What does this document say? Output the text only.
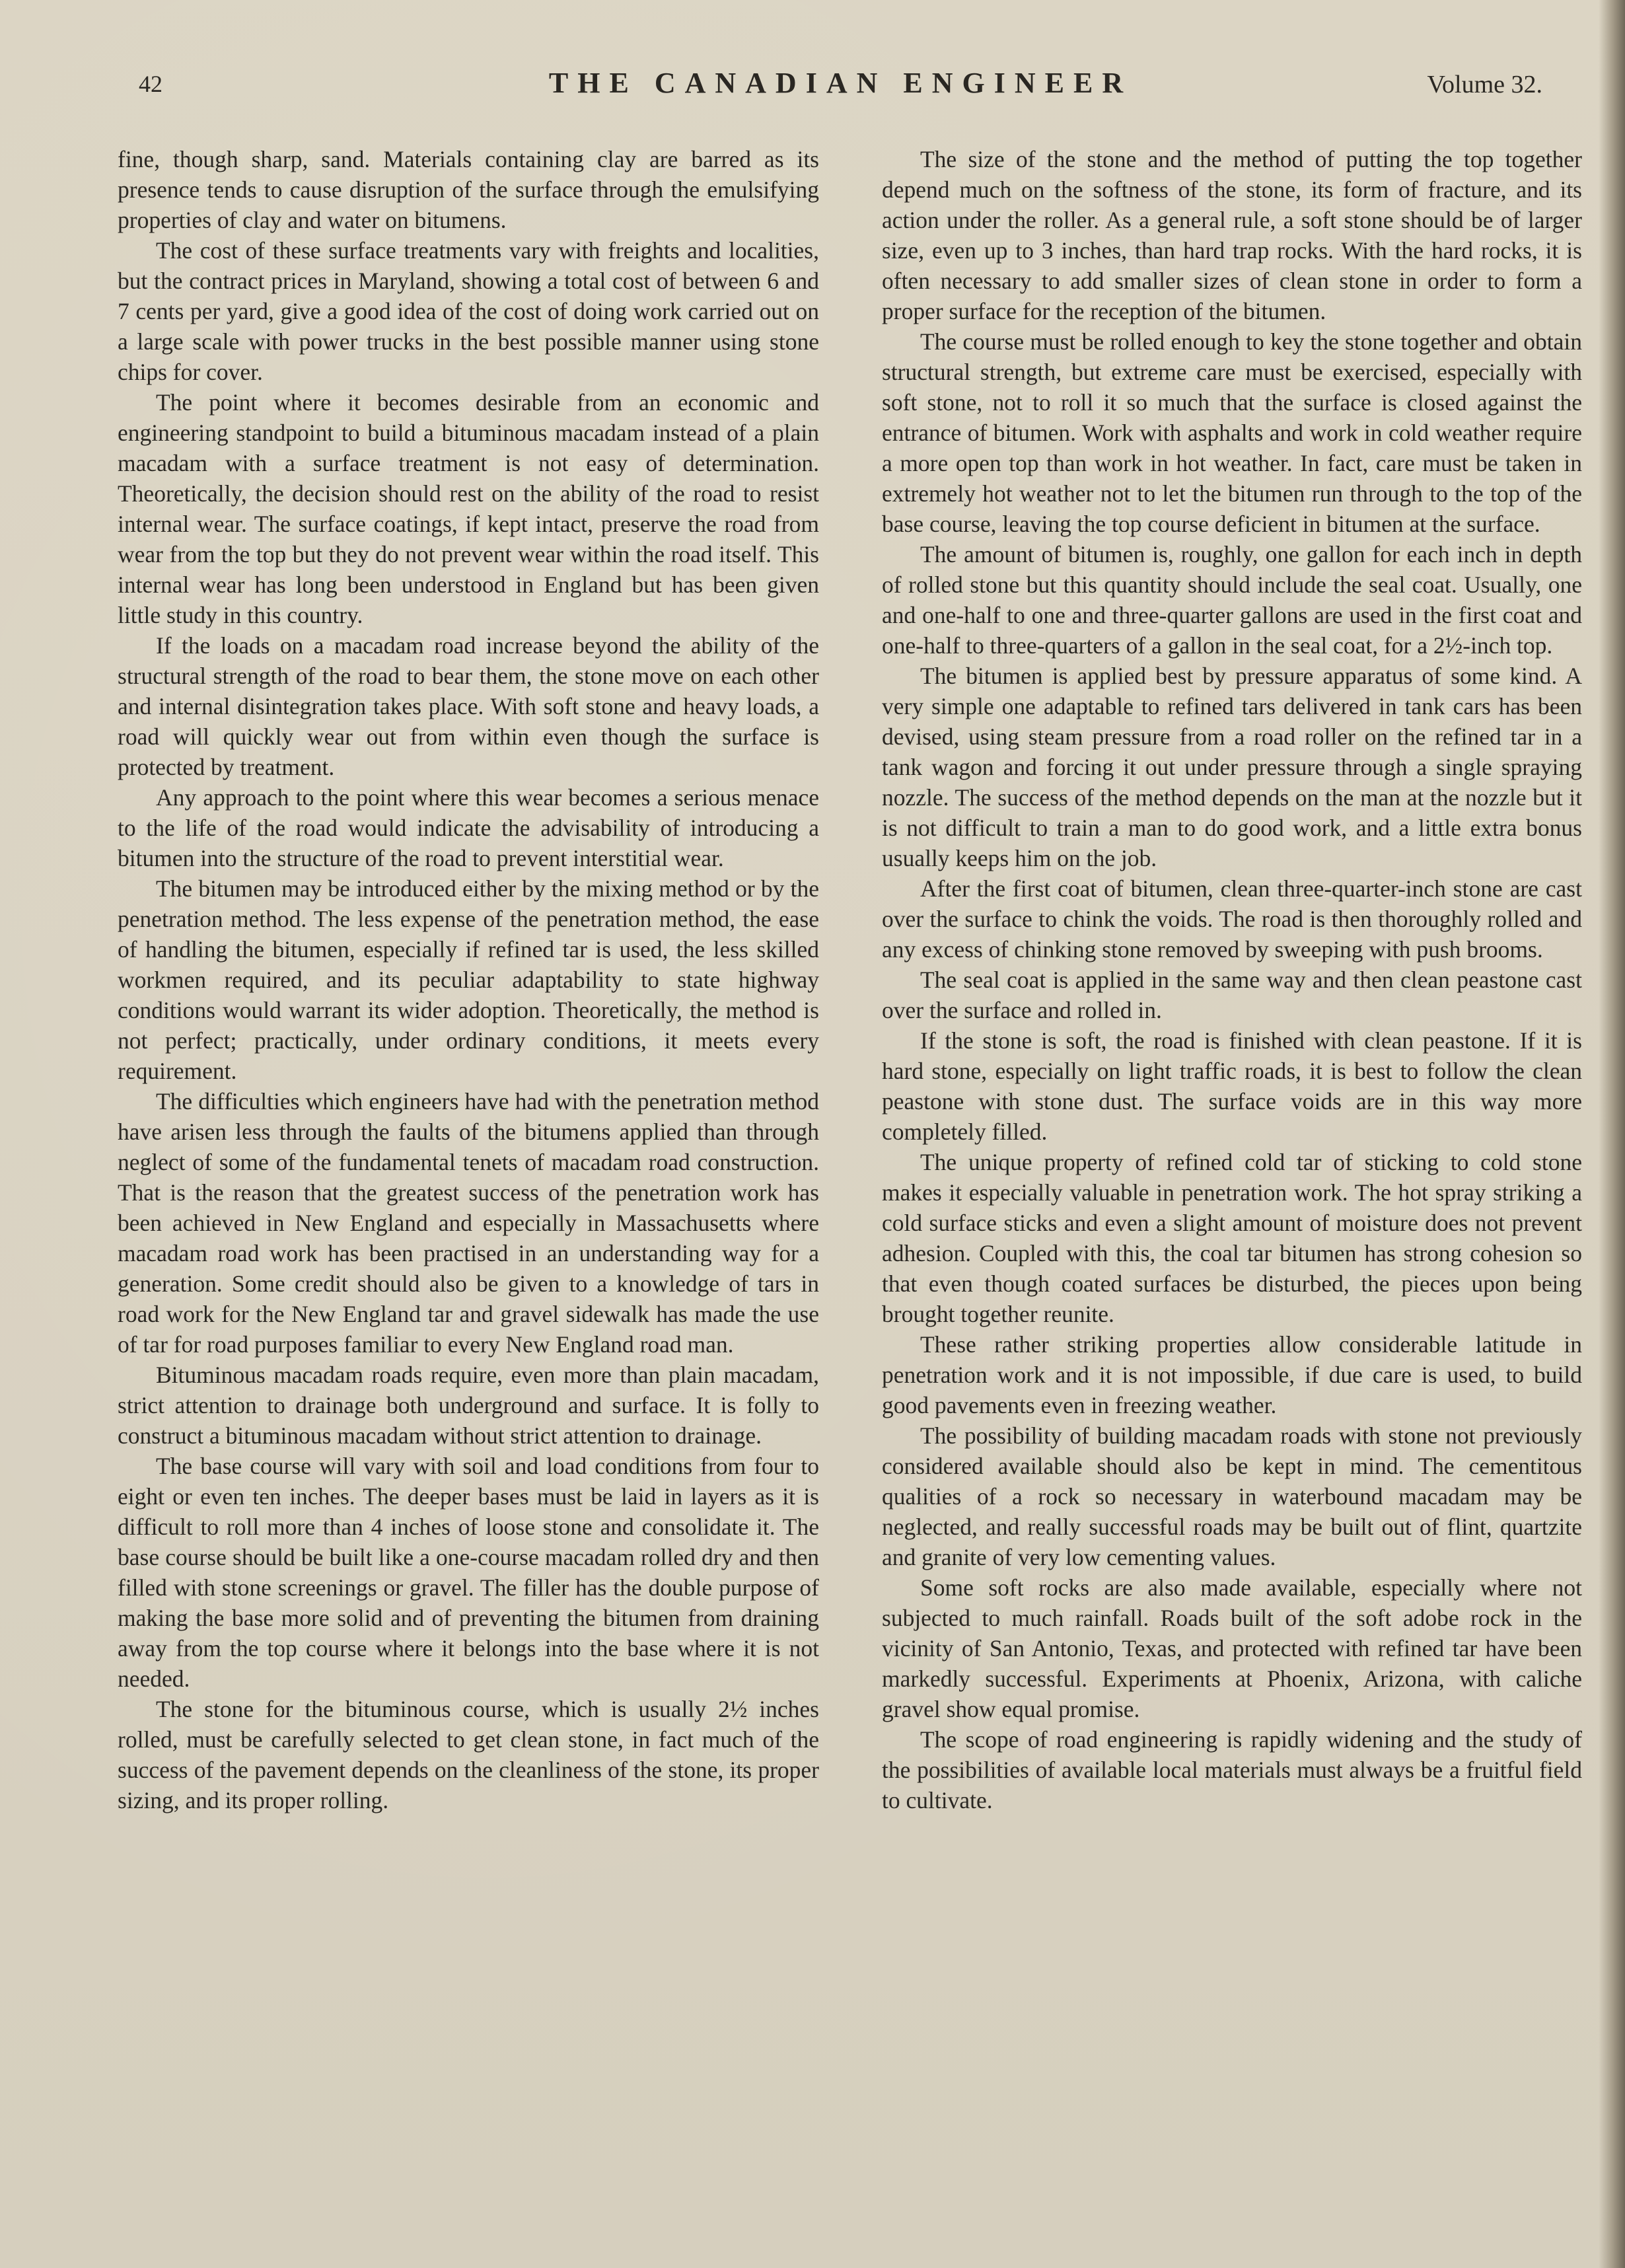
42	THE CANADIAN ENGINEER	Volume 32.

fine, though sharp, sand. Materials containing clay are barred as its presence tends to cause disruption of the surface through the emulsifying properties of clay and water on bitumens.

The cost of these surface treatments vary with freights and localities, but the contract prices in Maryland, showing a total cost of between 6 and 7 cents per yard, give a good idea of the cost of doing work carried out on a large scale with power trucks in the best possible manner using stone chips for cover.

The point where it becomes desirable from an economic and engineering standpoint to build a bituminous macadam instead of a plain macadam with a surface treatment is not easy of determination. Theoretically, the decision should rest on the ability of the road to resist internal wear. The surface coatings, if kept intact, preserve the road from wear from the top but they do not prevent wear within the road itself. This internal wear has long been understood in England but has been given little study in this country.

If the loads on a macadam road increase beyond the ability of the structural strength of the road to bear them, the stone move on each other and internal disintegration takes place. With soft stone and heavy loads, a road will quickly wear out from within even though the surface is protected by treatment.

Any approach to the point where this wear becomes a serious menace to the life of the road would indicate the advisability of introducing a bitumen into the structure of the road to prevent interstitial wear.

The bitumen may be introduced either by the mixing method or by the penetration method. The less expense of the penetration method, the ease of handling the bitumen, especially if refined tar is used, the less skilled workmen required, and its peculiar adaptability to state highway conditions would warrant its wider adoption. Theoretically, the method is not perfect; practically, under ordinary conditions, it meets every requirement.

The difficulties which engineers have had with the penetration method have arisen less through the faults of the bitumens applied than through neglect of some of the fundamental tenets of macadam road construction. That is the reason that the greatest success of the penetration work has been achieved in New England and especially in Massachusetts where macadam road work has been practised in an understanding way for a generation. Some credit should also be given to a knowledge of tars in road work for the New England tar and gravel sidewalk has made the use of tar for road purposes familiar to every New England road man.

Bituminous macadam roads require, even more than plain macadam, strict attention to drainage both underground and surface. It is folly to construct a bituminous macadam without strict attention to drainage.

The base course will vary with soil and load conditions from four to eight or even ten inches. The deeper bases must be laid in layers as it is difficult to roll more than 4 inches of loose stone and consolidate it. The base course should be built like a one-course macadam rolled dry and then filled with stone screenings or gravel. The filler has the double purpose of making the base more solid and of preventing the bitumen from draining away from the top course where it belongs into the base where it is not needed.

The stone for the bituminous course, which is usually 2½ inches rolled, must be carefully selected to get clean stone, in fact much of the success of the pavement depends on the cleanliness of the stone, its proper sizing, and its proper rolling.

The size of the stone and the method of putting the top together depend much on the softness of the stone, its form of fracture, and its action under the roller. As a general rule, a soft stone should be of larger size, even up to 3 inches, than hard trap rocks. With the hard rocks, it is often necessary to add smaller sizes of clean stone in order to form a proper surface for the reception of the bitumen.

The course must be rolled enough to key the stone together and obtain structural strength, but extreme care must be exercised, especially with soft stone, not to roll it so much that the surface is closed against the entrance of bitumen. Work with asphalts and work in cold weather require a more open top than work in hot weather. In fact, care must be taken in extremely hot weather not to let the bitumen run through to the top of the base course, leaving the top course deficient in bitumen at the surface.

The amount of bitumen is, roughly, one gallon for each inch in depth of rolled stone but this quantity should include the seal coat. Usually, one and one-half to one and three-quarter gallons are used in the first coat and one-half to three-quarters of a gallon in the seal coat, for a 2½-inch top.

The bitumen is applied best by pressure apparatus of some kind. A very simple one adaptable to refined tars delivered in tank cars has been devised, using steam pressure from a road roller on the refined tar in a tank wagon and forcing it out under pressure through a single spraying nozzle. The success of the method depends on the man at the nozzle but it is not difficult to train a man to do good work, and a little extra bonus usually keeps him on the job.

After the first coat of bitumen, clean three-quarter-inch stone are cast over the surface to chink the voids. The road is then thoroughly rolled and any excess of chinking stone removed by sweeping with push brooms.

The seal coat is applied in the same way and then clean peastone cast over the surface and rolled in.

If the stone is soft, the road is finished with clean peastone. If it is hard stone, especially on light traffic roads, it is best to follow the clean peastone with stone dust. The surface voids are in this way more completely filled.

The unique property of refined cold tar of sticking to cold stone makes it especially valuable in penetration work. The hot spray striking a cold surface sticks and even a slight amount of moisture does not prevent adhesion. Coupled with this, the coal tar bitumen has strong cohesion so that even though coated surfaces be disturbed, the pieces upon being brought together reunite.

These rather striking properties allow considerable latitude in penetration work and it is not impossible, if due care is used, to build good pavements even in freezing weather.

The possibility of building macadam roads with stone not previously considered available should also be kept in mind. The cementitous qualities of a rock so necessary in waterbound macadam may be neglected, and really successful roads may be built out of flint, quartzite and granite of very low cementing values.

Some soft rocks are also made available, especially where not subjected to much rainfall. Roads built of the soft adobe rock in the vicinity of San Antonio, Texas, and protected with refined tar have been markedly successful. Experiments at Phoenix, Arizona, with caliche gravel show equal promise.

The scope of road engineering is rapidly widening and the study of the possibilities of available local materials must always be a fruitful field to cultivate.
